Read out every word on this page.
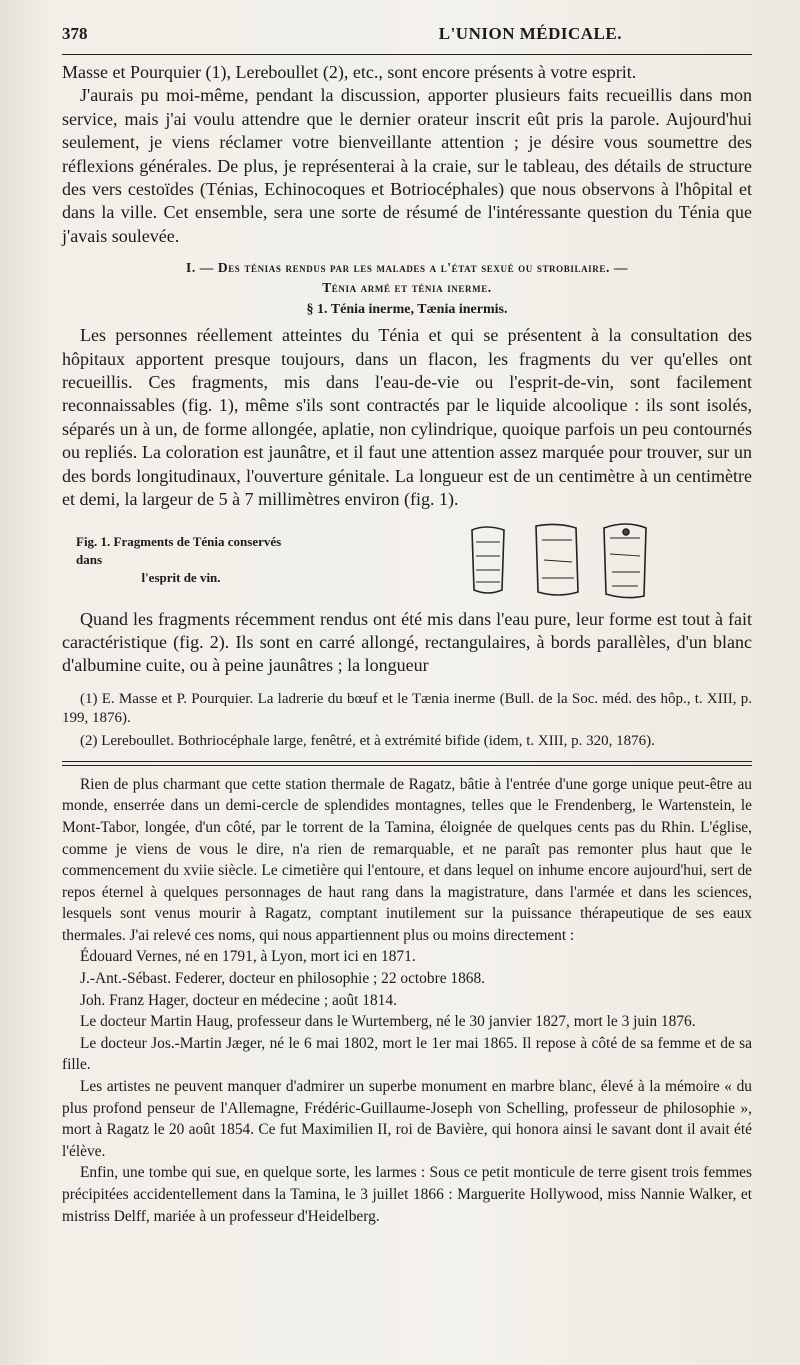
378	L'UNION MÉDICALE.

Masse et Pourquier (1), Lereboullet (2), etc., sont encore présents à votre esprit.

J'aurais pu moi-même, pendant la discussion, apporter plusieurs faits recueillis dans mon service, mais j'ai voulu attendre que le dernier orateur inscrit eût pris la parole. Aujourd'hui seulement, je viens réclamer votre bienveillante attention ; je désire vous soumettre des réflexions générales. De plus, je représenterai à la craie, sur le tableau, des détails de structure des vers cestoïdes (Ténias, Echinocoques et Botriocéphales) que nous observons à l'hôpital et dans la ville. Cet ensemble, sera une sorte de résumé de l'intéressante question du Ténia que j'avais soulevée.

I. — Des ténias rendus par les malades a l'état sexué ou strobilaire. —
Ténia armé et ténia inerme.
§ 1. Ténia inerme, Tænia inermis.

Les personnes réellement atteintes du Ténia et qui se présentent à la consultation des hôpitaux apportent presque toujours, dans un flacon, les fragments du ver qu'elles ont recueillis. Ces fragments, mis dans l'eau-de-vie ou l'esprit-de-vin, sont facilement reconnaissables (fig. 1), même s'ils sont contractés par le liquide alcoolique : ils sont isolés, séparés un à un, de forme allongée, aplatie, non cylindrique, quoique parfois un peu contournés ou repliés. La coloration est jaunâtre, et il faut une attention assez marquée pour trouver, sur un des bords longitudinaux, l'ouverture génitale. La longueur est de un centimètre à un centimètre et demi, la largeur de 5 à 7 millimètres environ (fig. 1).

Fig. 1. Fragments de Ténia conservés dans
l'esprit de vin.

Quand les fragments récemment rendus ont été mis dans l'eau pure, leur forme est tout à fait caractéristique (fig. 2). Ils sont en carré allongé, rectangulaires, à bords parallèles, d'un blanc d'albumine cuite, ou à peine jaunâtres ; la longueur

(1) E. Masse et P. Pourquier. La ladrerie du bœuf et le Tænia inerme (Bull. de la Soc. méd. des hôp., t. XIII, p. 199, 1876).

(2) Lereboullet. Bothriocéphale large, fenêtré, et à extrémité bifide (idem, t. XIII, p. 320, 1876).

Rien de plus charmant que cette station thermale de Ragatz, bâtie à l'entrée d'une gorge unique peut-être au monde, enserrée dans un demi-cercle de splendides montagnes, telles que le Frendenberg, le Wartenstein, le Mont-Tabor, longée, d'un côté, par le torrent de la Tamina, éloignée de quelques cents pas du Rhin. L'église, comme je viens de vous le dire, n'a rien de remarquable, et ne paraît pas remonter plus haut que le commencement du xviie siècle. Le cimetière qui l'entoure, et dans lequel on inhume encore aujourd'hui, sert de repos éternel à quelques personnages de haut rang dans la magistrature, dans l'armée et dans les sciences, lesquels sont venus mourir à Ragatz, comptant inutilement sur la puissance thérapeutique de ses eaux thermales. J'ai relevé ces noms, qui nous appartiennent plus ou moins directement :

Édouard Vernes, né en 1791, à Lyon, mort ici en 1871.

J.-Ant.-Sébast. Federer, docteur en philosophie ; 22 octobre 1868.

Joh. Franz Hager, docteur en médecine ; août 1814.

Le docteur Martin Haug, professeur dans le Wurtemberg, né le 30 janvier 1827, mort le 3 juin 1876.

Le docteur Jos.-Martin Jæger, né le 6 mai 1802, mort le 1er mai 1865. Il repose à côté de sa femme et de sa fille.

Les artistes ne peuvent manquer d'admirer un superbe monument en marbre blanc, élevé à la mémoire « du plus profond penseur de l'Allemagne, Frédéric-Guillaume-Joseph von Schelling, professeur de philosophie », mort à Ragatz le 20 août 1854. Ce fut Maximilien II, roi de Bavière, qui honora ainsi le savant dont il avait été l'élève.

Enfin, une tombe qui sue, en quelque sorte, les larmes : Sous ce petit monticule de terre gisent trois femmes précipitées accidentellement dans la Tamina, le 3 juillet 1866 : Marguerite Hollywood, miss Nannie Walker, et mistriss Delff, mariée à un professeur d'Heidelberg.
